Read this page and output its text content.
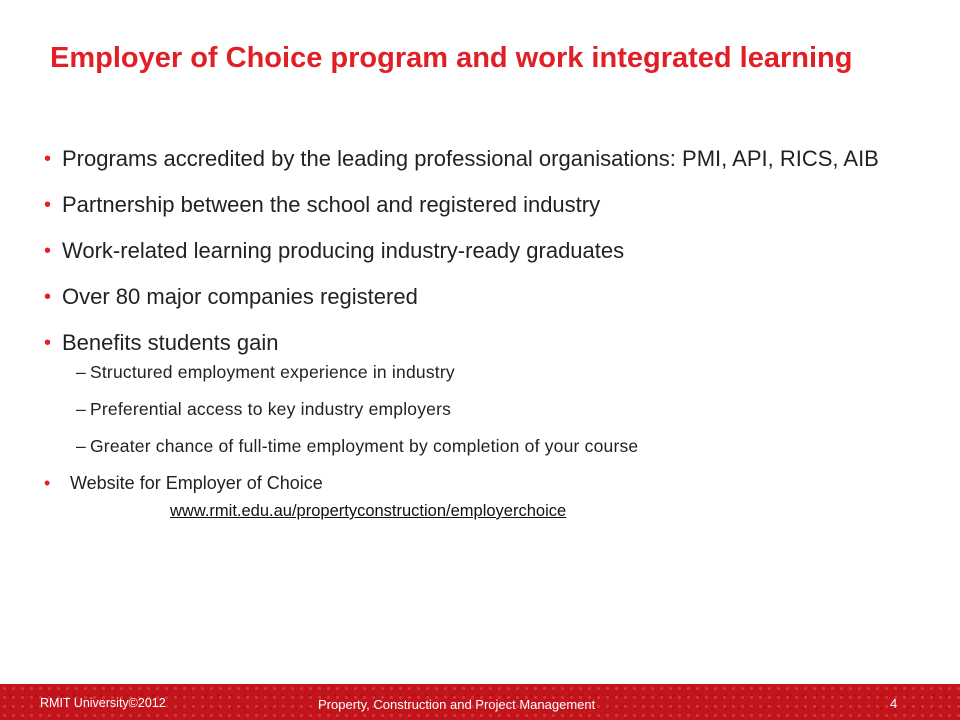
Employer of Choice program and work integrated learning
• Programs accredited by the leading professional organisations: PMI, API, RICS, AIB
• Partnership between the school and registered industry
• Work-related learning producing industry-ready graduates
• Over 80 major companies registered
• Benefits students gain
– Structured employment experience in industry
– Preferential access to key industry employers
– Greater chance of full-time employment by completion of your course
• Website for Employer of Choice
www.rmit.edu.au/propertyconstruction/employerchoice
RMIT University©2012	Property, Construction and Project Management	4
